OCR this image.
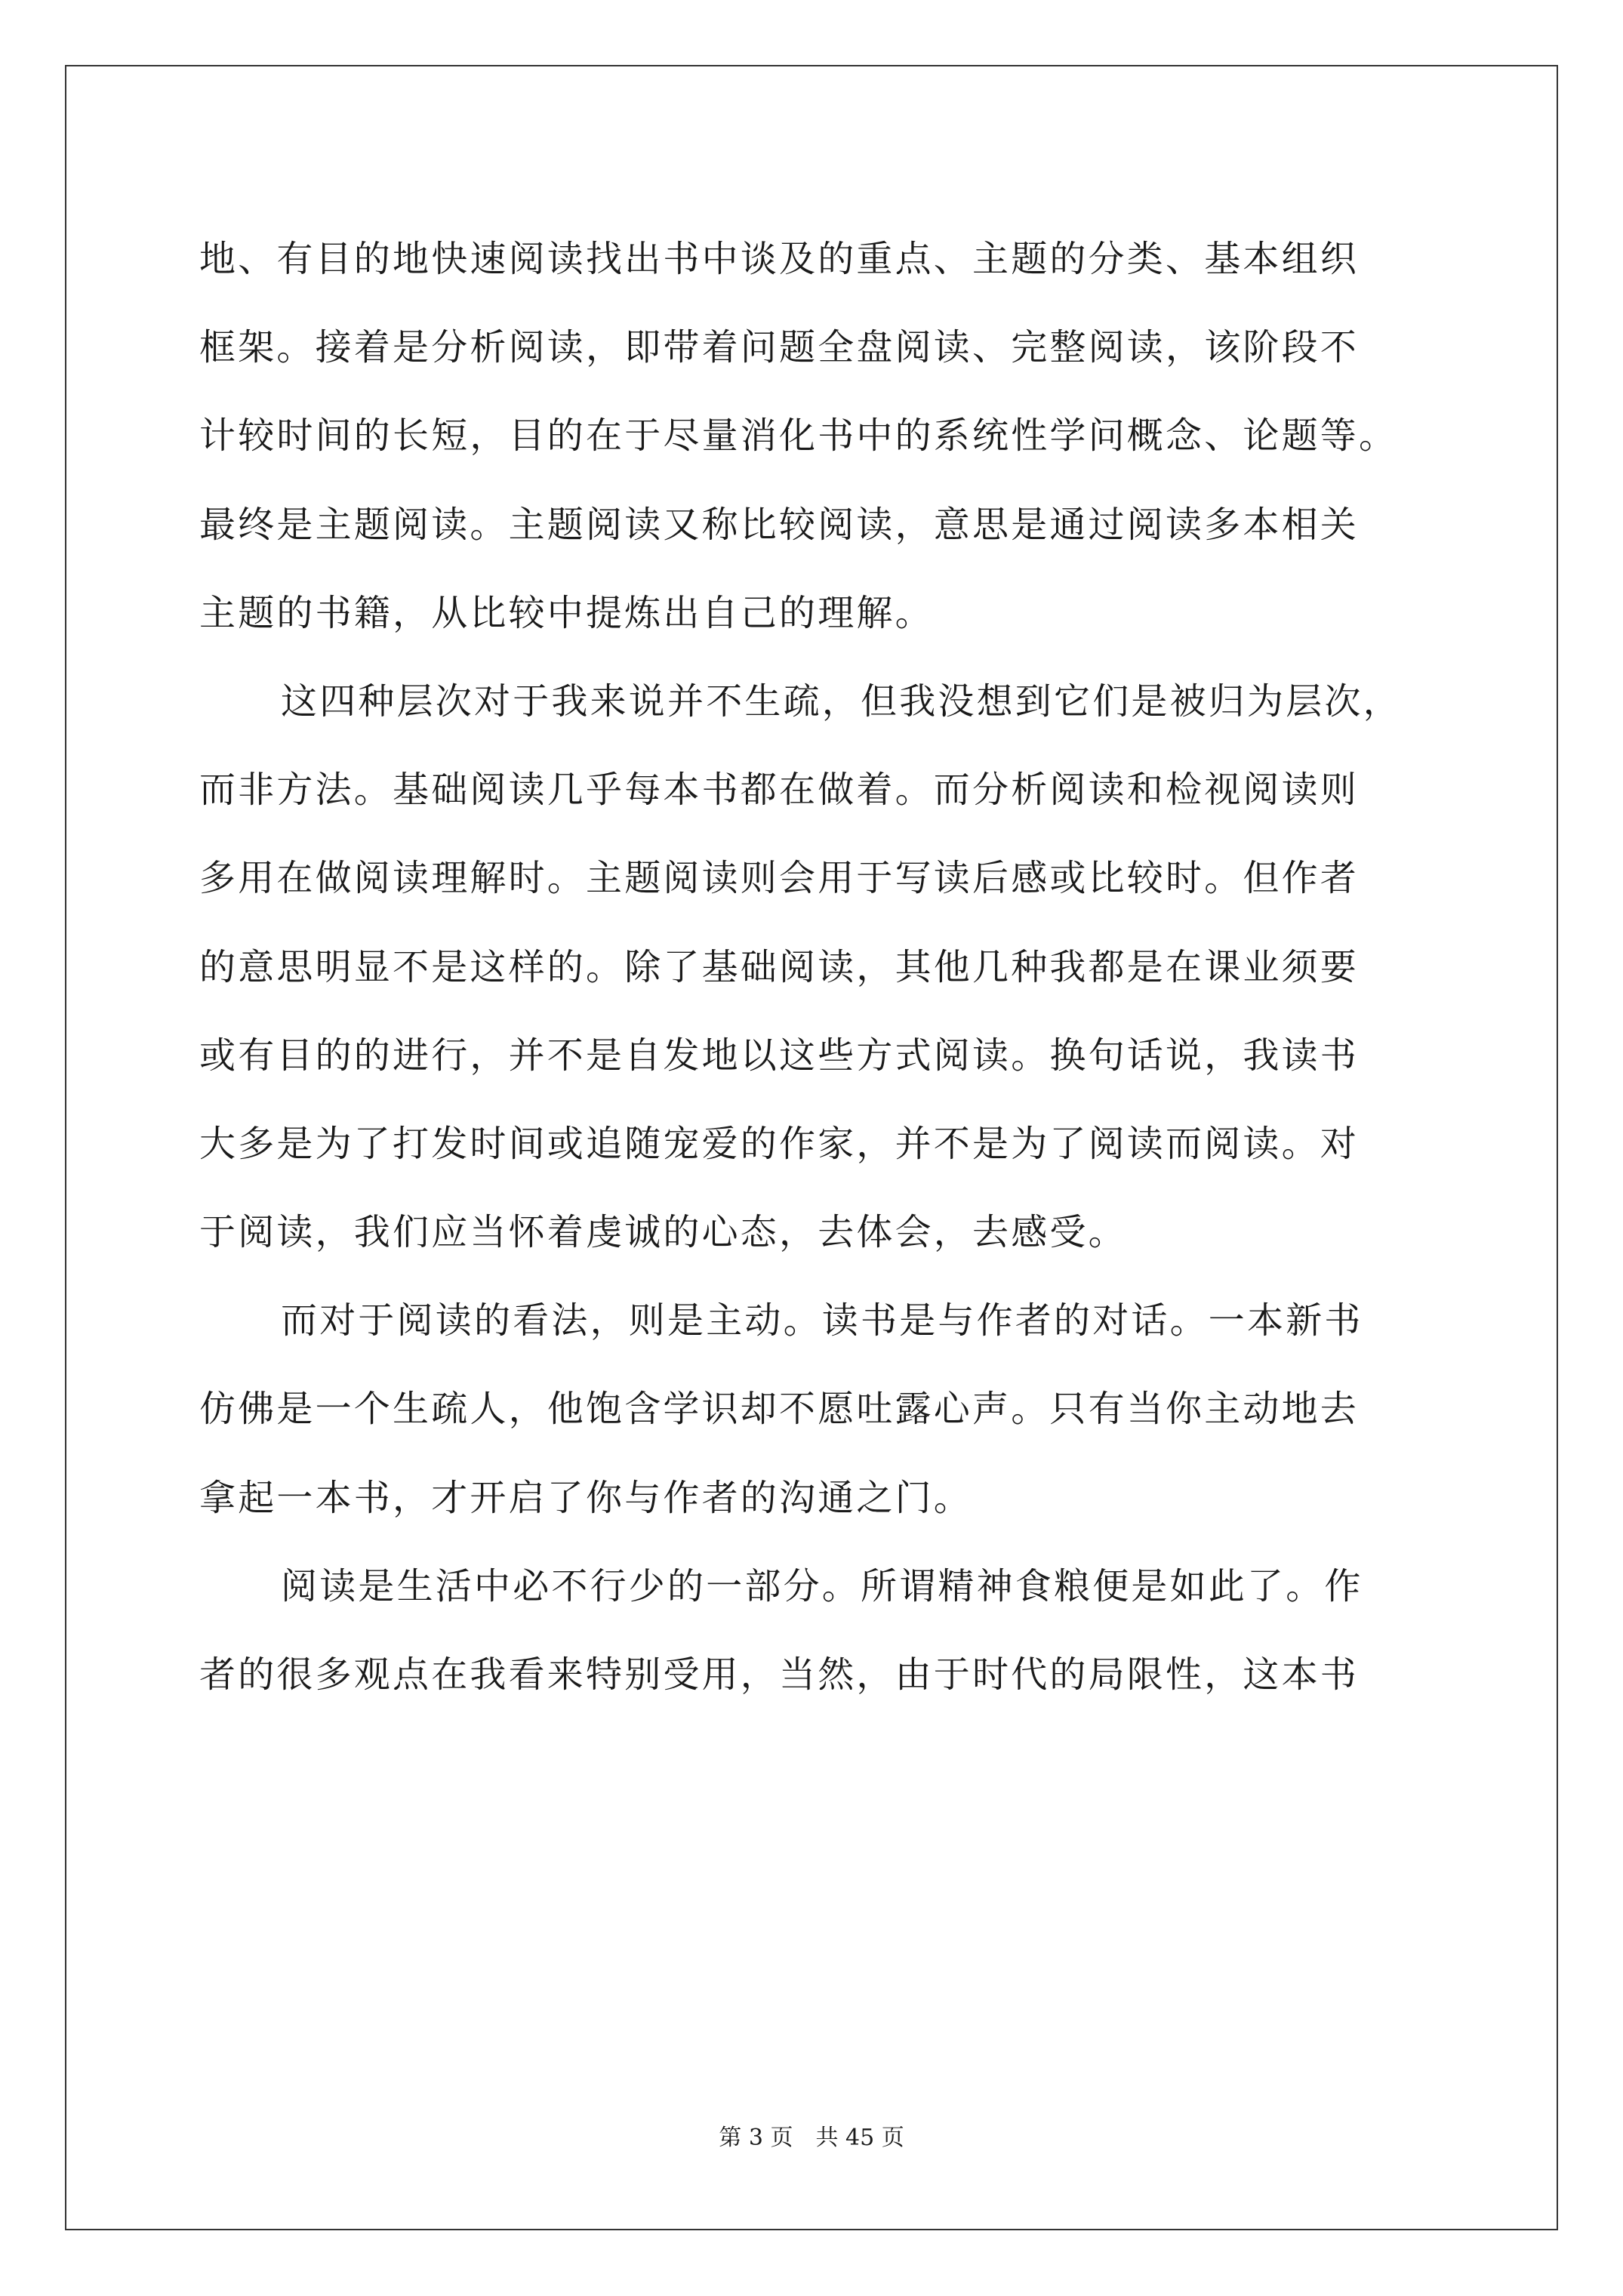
地、有目的地快速阅读找出书中谈及的重点、主题的分类、基本组织
框架。接着是分析阅读，即带着问题全盘阅读、完整阅读，该阶段不
计较时间的长短，目的在于尽量消化书中的系统性学问概念、论题等。
最终是主题阅读。主题阅读又称比较阅读，意思是通过阅读多本相关
主题的书籍，从比较中提炼出自己的理解。
这四种层次对于我来说并不生疏，但我没想到它们是被归为层次，
而非方法。基础阅读几乎每本书都在做着。而分析阅读和检视阅读则
多用在做阅读理解时。主题阅读则会用于写读后感或比较时。但作者
的意思明显不是这样的。除了基础阅读，其他几种我都是在课业须要
或有目的的进行，并不是自发地以这些方式阅读。换句话说，我读书
大多是为了打发时间或追随宠爱的作家，并不是为了阅读而阅读。对
于阅读，我们应当怀着虔诚的心态，去体会，去感受。
而对于阅读的看法，则是主动。读书是与作者的对话。一本新书
仿佛是一个生疏人，他饱含学识却不愿吐露心声。只有当你主动地去
拿起一本书，才开启了你与作者的沟通之门。
阅读是生活中必不行少的一部分。所谓精神食粮便是如此了。作
者的很多观点在我看来特别受用，当然，由于时代的局限性，这本书
第 3 页 共 45 页
